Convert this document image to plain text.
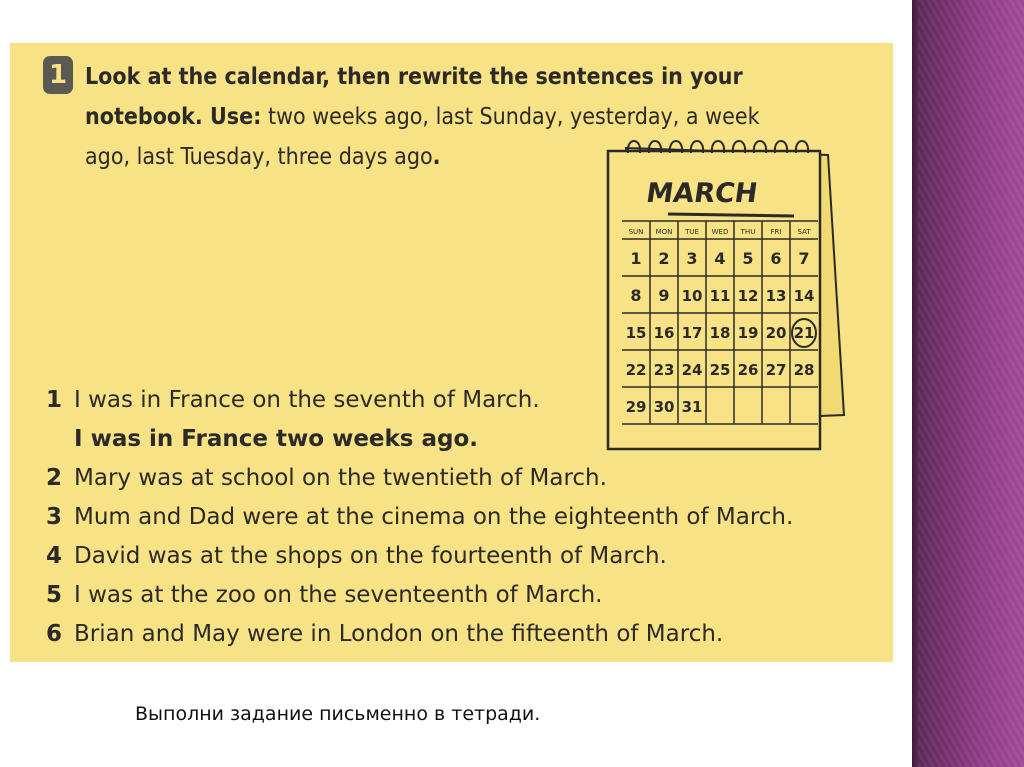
1 Look at the calendar, then rewrite the sentences in your notebook. Use: two weeks ago, last Sunday, yesterday, a week ago, last Tuesday, three days ago.
1 I was in France on the seventh of March.
I was in France two weeks ago.
2 Mary was at school on the twentieth of March.
3 Mum and Dad were at the cinema on the eighteenth of March.
4 David was at the shops on the fourteenth of March.
5 I was at the zoo on the seventeenth of March.
6 Brian and May were in London on the fifteenth of March.
MARCH
SUN MON TUE WED THU FRI SAT
1 2 3 4 5 6 7
8 9 10 11 12 13 14
15 16 17 18 19 20 21
22 23 24 25 26 27 28
29 30 31
Выполни задание письменно в тетради.
